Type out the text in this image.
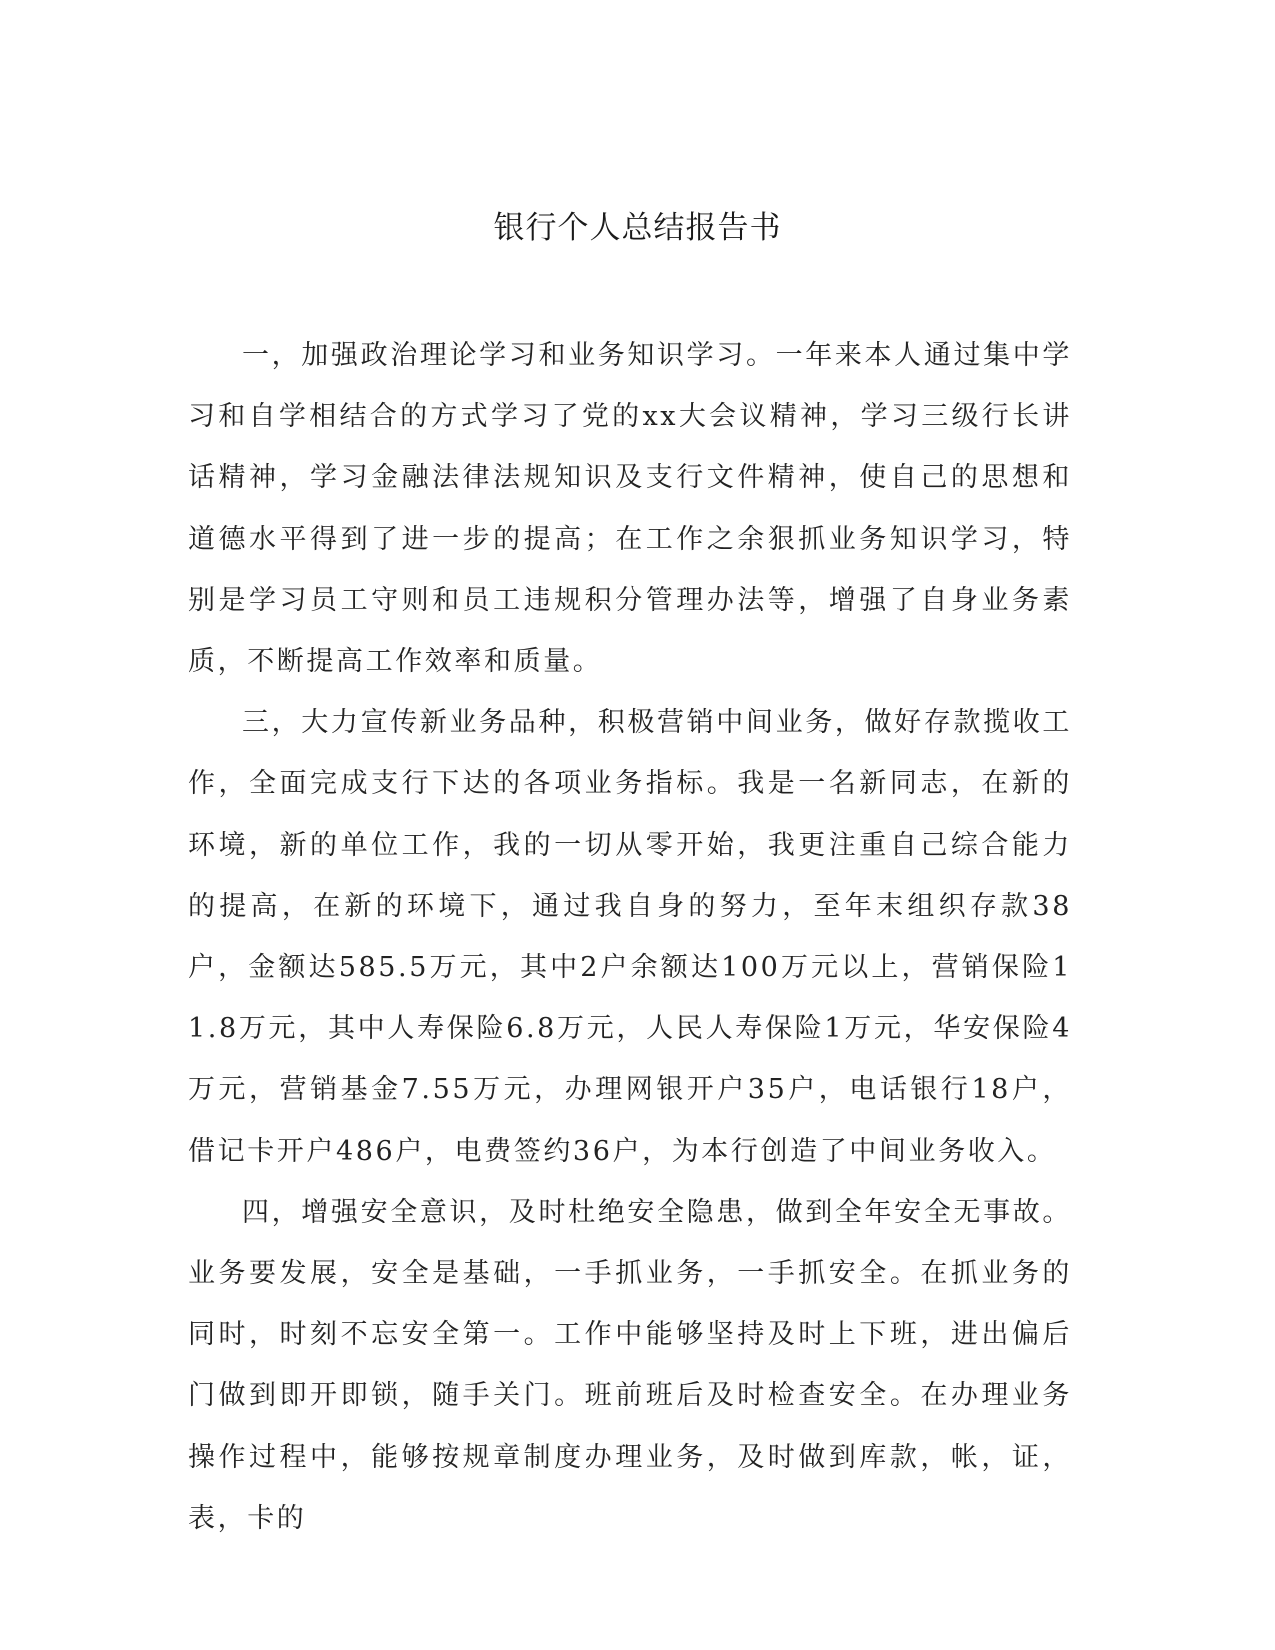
银行个人总结报告书

一，加强政治理论学习和业务知识学习。一年来本人通过集中学习和自学相结合的方式学习了党的xx大会议精神，学习三级行长讲话精神，学习金融法律法规知识及支行文件精神，使自己的思想和道德水平得到了进一步的提高；在工作之余狠抓业务知识学习，特别是学习员工守则和员工违规积分管理办法等，增强了自身业务素质，不断提高工作效率和质量。

三，大力宣传新业务品种，积极营销中间业务，做好存款揽收工作，全面完成支行下达的各项业务指标。我是一名新同志，在新的环境，新的单位工作，我的一切从零开始，我更注重自己综合能力的提高，在新的环境下，通过我自身的努力，至年末组织存款38户，金额达585.5万元，其中2户余额达100万元以上，营销保险11.8万元，其中人寿保险6.8万元，人民人寿保险1万元，华安保险4万元，营销基金7.55万元，办理网银开户35户，电话银行18户，借记卡开户486户，电费签约36户，为本行创造了中间业务收入。

四，增强安全意识，及时杜绝安全隐患，做到全年安全无事故。业务要发展，安全是基础，一手抓业务，一手抓安全。在抓业务的同时，时刻不忘安全第一。工作中能够坚持及时上下班，进出偏后门做到即开即锁，随手关门。班前班后及时检查安全。在办理业务操作过程中，能够按规章制度办理业务，及时做到库款，帐，证，表，卡的
